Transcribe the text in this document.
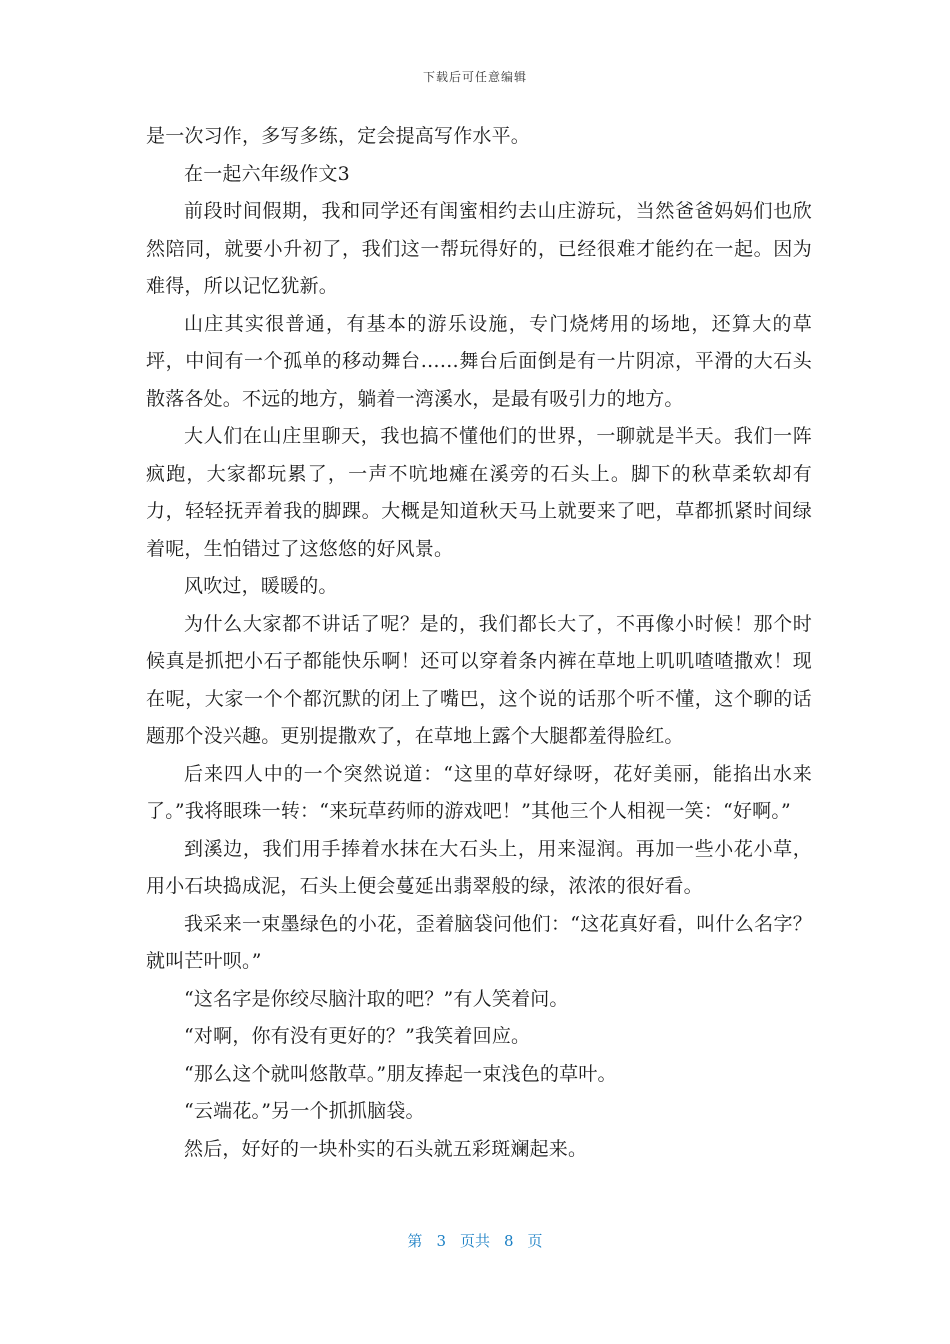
下载后可任意编辑

是一次习作，多写多练，定会提高写作水平。

在一起六年级作文3

前段时间假期，我和同学还有闺蜜相约去山庄游玩，当然爸爸妈妈们也欣然陪同，就要小升初了，我们这一帮玩得好的，已经很难才能约在一起。因为难得，所以记忆犹新。

山庄其实很普通，有基本的游乐设施，专门烧烤用的场地，还算大的草坪，中间有一个孤单的移动舞台……舞台后面倒是有一片阴凉，平滑的大石头散落各处。不远的地方，躺着一湾溪水，是最有吸引力的地方。

大人们在山庄里聊天，我也搞不懂他们的世界，一聊就是半天。我们一阵疯跑，大家都玩累了，一声不吭地瘫在溪旁的石头上。脚下的秋草柔软却有力，轻轻抚弄着我的脚踝。大概是知道秋天马上就要来了吧，草都抓紧时间绿着呢，生怕错过了这悠悠的好风景。

风吹过，暖暖的。

为什么大家都不讲话了呢？是的，我们都长大了，不再像小时候！那个时候真是抓把小石子都能快乐啊！还可以穿着条内裤在草地上叽叽喳喳撒欢！现在呢，大家一个个都沉默的闭上了嘴巴，这个说的话那个听不懂，这个聊的话题那个没兴趣。更别提撒欢了，在草地上露个大腿都羞得脸红。

后来四人中的一个突然说道：“这里的草好绿呀，花好美丽，能掐出水来了。”我将眼珠一转：“来玩草药师的游戏吧！”其他三个人相视一笑：“好啊。”

到溪边，我们用手捧着水抹在大石头上，用来湿润。再加一些小花小草，用小石块捣成泥，石头上便会蔓延出翡翠般的绿，浓浓的很好看。

我采来一束墨绿色的小花，歪着脑袋问他们：“这花真好看，叫什么名字？就叫芒叶呗。”

“这名字是你绞尽脑汁取的吧？”有人笑着问。

“对啊，你有没有更好的？”我笑着回应。

“那么这个就叫悠散草。”朋友捧起一束浅色的草叶。

“云端花。”另一个抓抓脑袋。

然后，好好的一块朴实的石头就五彩斑斓起来。

第 3 页共 8 页
